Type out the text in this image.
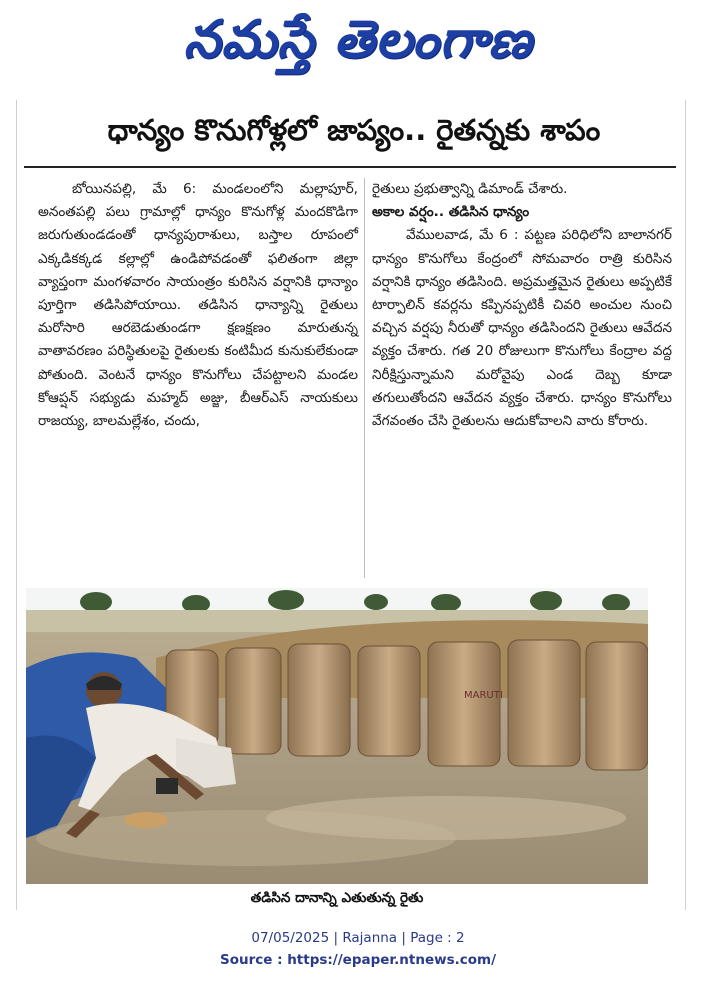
నమస్తే తెలంగాణ
ధాన్యం కొనుగోళ్లలో జాప్యం.. రైతన్నకు శాపం

బోయినపల్లి, మే 6: మండలంలోని మల్లాపూర్, అనంతపల్లి పలు గ్రామాల్లో ధాన్యం కొనుగోళ్ల మందకొడిగా జరుగుతుండడంతో ధాన్యపురాశులు, బస్తాల రూపంలో ఎక్కడికక్కడ కల్లాల్లో ఉండిపోవడంతో ఫలితంగా జిల్లా వ్యాప్తంగా మంగళవారం సాయంత్రం కురిసిన వర్షానికి ధాన్యాం పూర్తిగా తడిసిపోయాయి. తడిసిన ధాన్యాన్ని రైతులు మరోసారి ఆరబెడుతుండగా క్షణక్షణం మారుతున్న వాతావరణం పరిస్థితులపై రైతులకు కంటిమీద కునుకులేకుండా పోతుంది. వెంటనే ధాన్యం కొనుగోలు చేపట్టాలని మండల కోఆప్షన్ సభ్యుడు మహ్మద్ అజ్జు, బీఆర్ఎస్ నాయకులు రాజయ్య, బాలమల్లేశం, చందు,

రైతులు ప్రభుత్వాన్ని డిమాండ్ చేశారు.

అకాల వర్షం.. తడిసిన ధాన్యం

వేములవాడ, మే 6 : పట్టణ పరిధిలోని బాలానగర్ ధాన్యం కొనుగోలు కేంద్రంలో సోమవారం రాత్రి కురిసిన వర్షానికి ధాన్యం తడిసింది. అప్రమత్తమైన రైతులు అప్పటికే టార్పాలిన్ కవర్లను కప్పినప్పటికీ చివరి అంచుల నుంచి వచ్చిన వర్షపు నీరుతో ధాన్యం తడిసిందని రైతులు ఆవేదన వ్యక్తం చేశారు. గత 20 రోజులుగా కొనుగోలు కేంద్రాల వద్ద నిరీక్షిస్తున్నామని మరోవైపు ఎండ దెబ్బ కూడా తగులుతోందని ఆవేదన వ్యక్తం చేశారు. ధాన్యం కొనుగోలు వేగవంతం చేసి రైతులను ఆదుకోవాలని వారు కోరారు.

MARUTI
తడిసిన దానాన్ని ఎతుతున్న రైతు
07/05/2025 | Rajanna | Page : 2
Source : https://epaper.ntnews.com/
